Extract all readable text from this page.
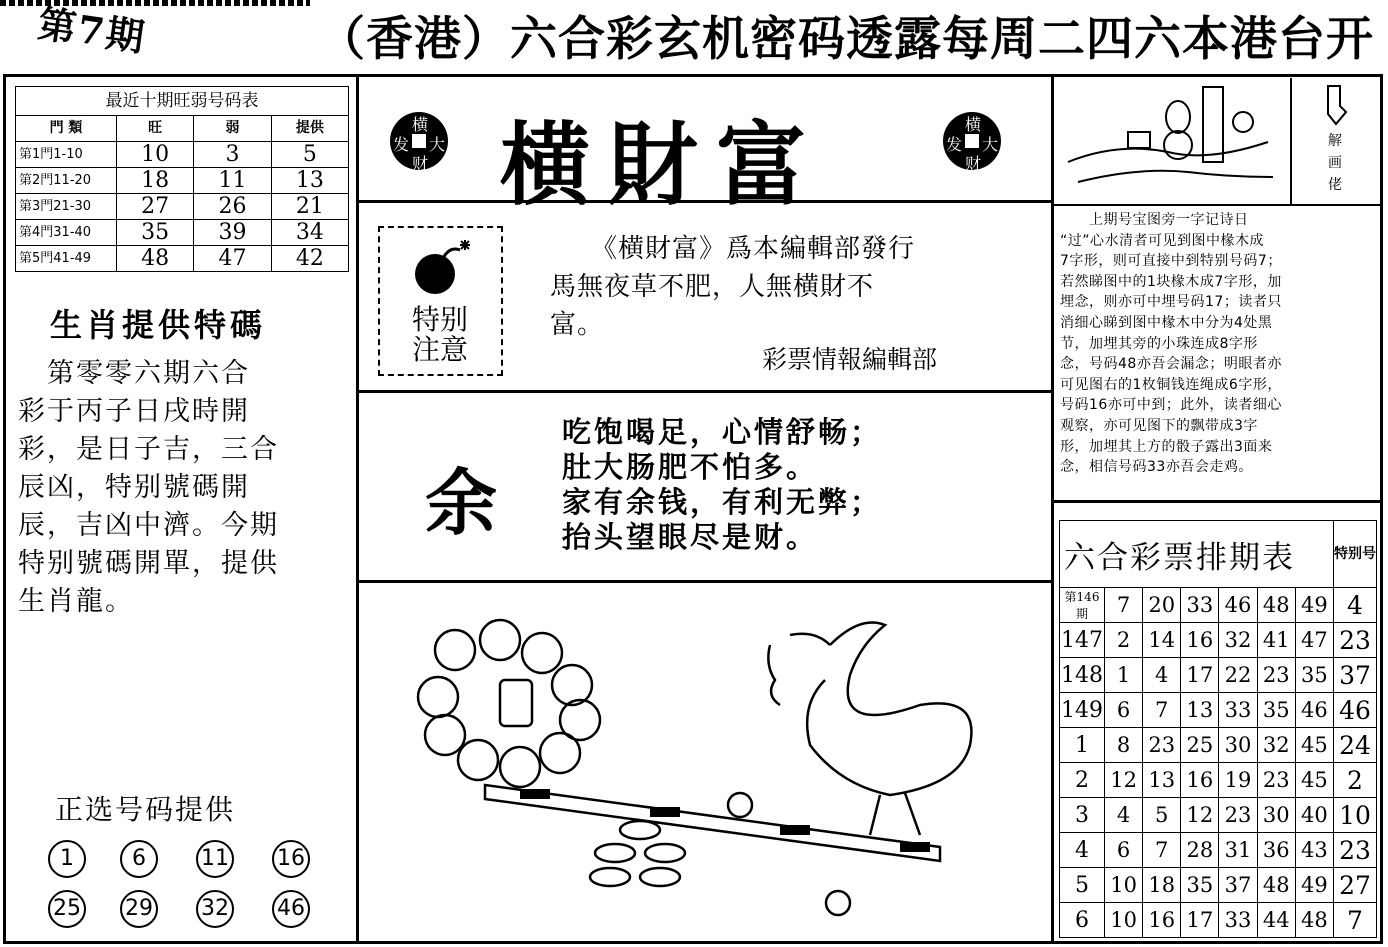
第7期	（香港）六合彩玄机密码透露每周二四六本港台开
最近十期旺弱号码表			
門 類	旺	弱	提供
第1門1-10	10	3	5
第2門11-20	18	11	13
第3門21-30	27	26	21
第4門31-40	35	39	34
第5門41-49	48	47	42
生肖提供特碼
　第零零六期六合
彩于丙子日戌時開
彩，是日子吉，三合
辰凶，特别號碼開
辰，吉凶中濟。今期
特别號碼開單，提供
生肖龍。
正选号码提供
1	6	11 16
25 29 32 46
横
发 大
财 横財富	横
发 大
财
特别
注意
　　《横財富》爲本編輯部發行
馬無夜草不肥，人無横財不
富。
彩票情報編輯部
余
吃饱喝足，心情舒畅；
肚大肠肥不怕多。
家有余钱，有利无弊；
抬头望眼尽是财。
解
画
佬
　　上期号宝图旁一字记诗日
“过”心水清者可见到图中椽木成
7字形，则可直接中到特别号码7；
若然睇图中的1块椽木成7字形，加
埋念，则亦可中埋号码17；读者只
消细心睇到图中椽木中分为4处黑
节，加埋其旁的小珠连成8字形
念，号码48亦吾会漏念；明眼者亦
可见图右的1枚铜钱连绳成6字形，
号码16亦可中到；此外，读者细心
观察，亦可见图下的飘带成3字
形，加埋其上方的骰子露出3面来
念，相信号码33亦吾会走鸡。
六合彩票排期表							特别号
第146期	7	20	33	46	48	49	4
147	2	14	16	32	41	47	23
148	1	4	17	22	23	35	37
149	6	7	13	33	35	46	46
1	8	23	25	30	32	45	24
2	12	13	16	19	23	45	2
3	4	5	12	23	30	40	10
4	6	7	28	31	36	43	23
5	10	18	35	37	48	49	27
6	10	16	17	33	44	48	7
